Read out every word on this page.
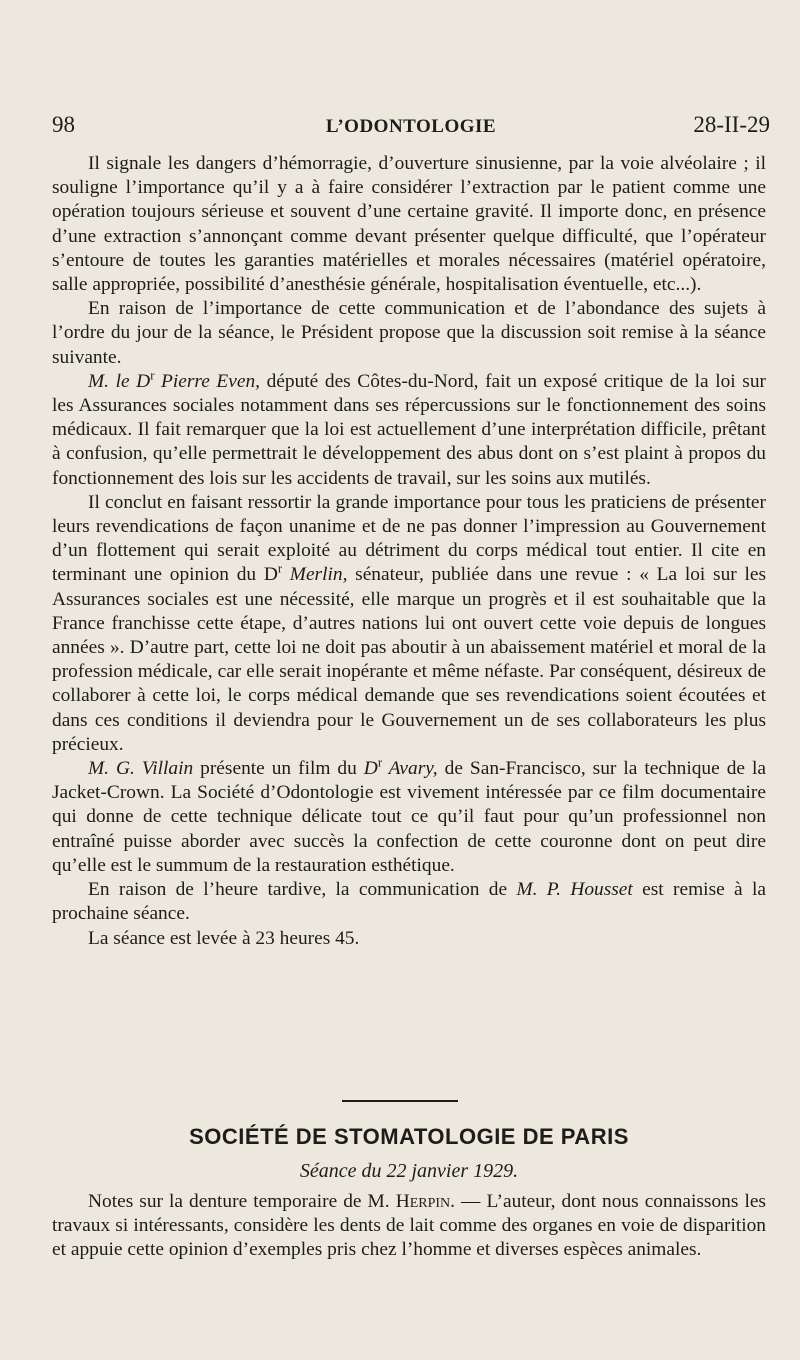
98	L’ODONTOLOGIE	28-II-29

Il signale les dangers d’hémorragie, d’ouverture sinusienne, par la voie alvéolaire ; il souligne l’importance qu’il y a à faire considérer l’extraction par le patient comme une opération toujours sérieuse et souvent d’une certaine gravité. Il importe donc, en présence d’une extraction s’annonçant comme devant présenter quelque difficulté, que l’opérateur s’entoure de toutes les garanties matérielles et morales nécessaires (matériel opératoire, salle appropriée, possibilité d’anesthésie générale, hospitalisation éventuelle, etc...).

En raison de l’importance de cette communication et de l’abondance des sujets à l’ordre du jour de la séance, le Président propose que la discussion soit remise à la séance suivante.

M. le $D^r$ Pierre Even, député des Côtes-du-Nord, fait un exposé critique de la loi sur les Assurances sociales notamment dans ses répercussions sur le fonctionnement des soins médicaux. Il fait remarquer que la loi est actuellement d’une interprétation difficile, prêtant à confusion, qu’elle permettrait le développement des abus dont on s’est plaint à propos du fonctionnement des lois sur les accidents de travail, sur les soins aux mutilés.

Il conclut en faisant ressortir la grande importance pour tous les praticiens de présenter leurs revendications de façon unanime et de ne pas donner l’impression au Gouvernement d’un flottement qui serait exploité au détriment du corps médical tout entier. Il cite en terminant une opinion du $D^r$ Merlin, sénateur, publiée dans une revue : « La loi sur les Assurances sociales est une nécessité, elle marque un progrès et il est souhaitable que la France franchisse cette étape, d’autres nations lui ont ouvert cette voie depuis de longues années ». D’autre part, cette loi ne doit pas aboutir à un abaissement matériel et moral de la profession médicale, car elle serait inopérante et même néfaste. Par conséquent, désireux de collaborer à cette loi, le corps médical demande que ses revendications soient écoutées et dans ces conditions il deviendra pour le Gouvernement un de ses collaborateurs les plus précieux.

M. G. Villain présente un film du $D^r$ Avary, de San-Francisco, sur la technique de la Jacket-Crown. La Société d’Odontologie est vivement intéressée par ce film documentaire qui donne de cette technique délicate tout ce qu’il faut pour qu’un professionnel non entraîné puisse aborder avec succès la confection de cette couronne dont on peut dire qu’elle est le summum de la restauration esthétique.

En raison de l’heure tardive, la communication de M. P. Housset est remise à la prochaine séance.

La séance est levée à 23 heures 45.

SOCIÉTÉ DE STOMATOLOGIE DE PARIS
Séance du 22 janvier 1929.

Notes sur la denture temporaire de M. Herpin. — L’auteur, dont nous connaissons les travaux si intéressants, considère les dents de lait comme des organes en voie de disparition et appuie cette opinion d’exemples pris chez l’homme et diverses espèces animales.
